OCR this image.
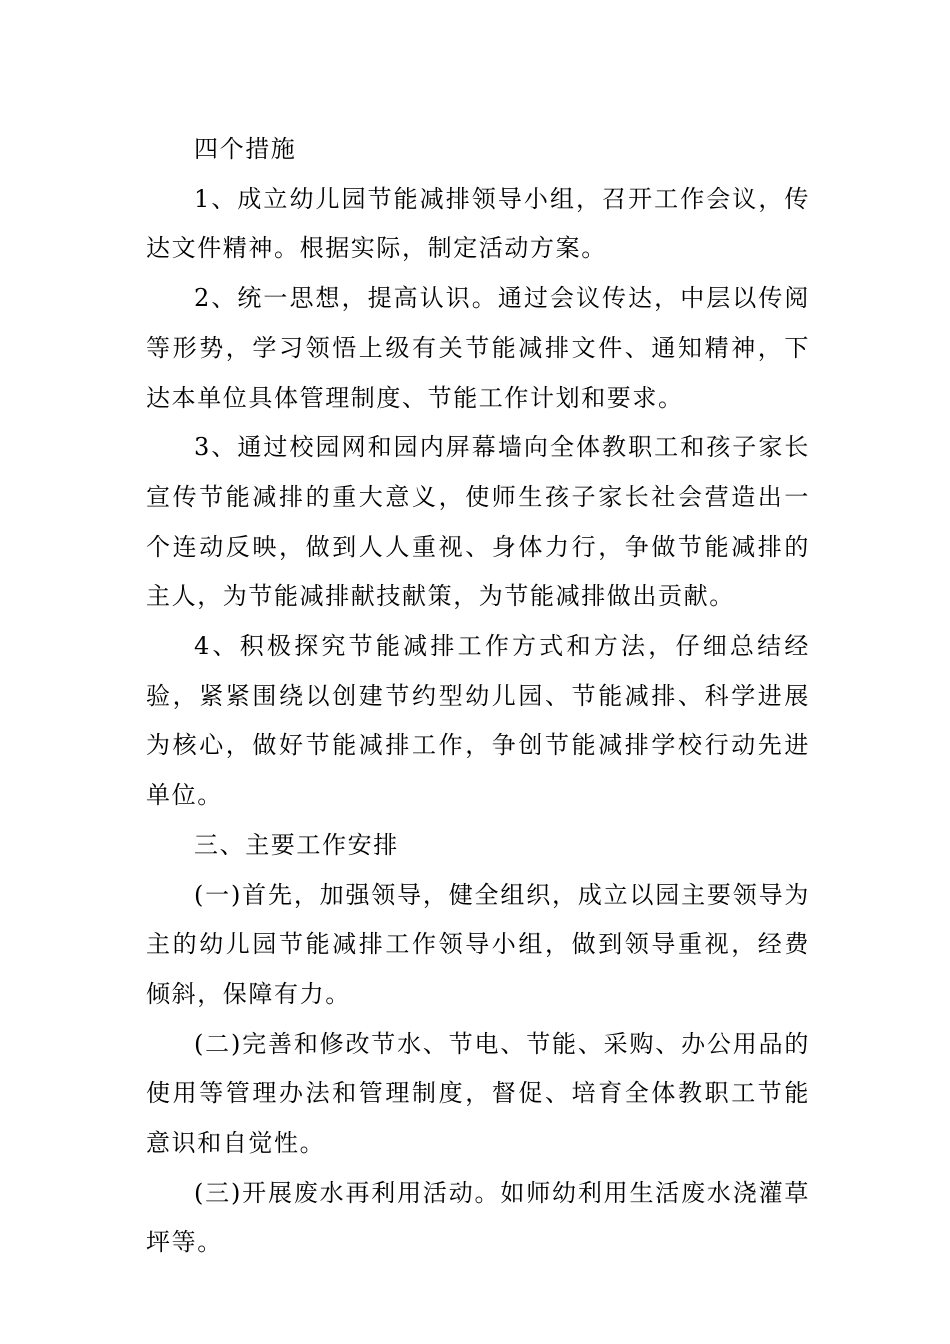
四个措施

1、成立幼儿园节能减排领导小组，召开工作会议，传达文件精神。根据实际，制定活动方案。

2、统一思想，提高认识。通过会议传达，中层以传阅等形势，学习领悟上级有关节能减排文件、通知精神，下达本单位具体管理制度、节能工作计划和要求。

3、通过校园网和园内屏幕墙向全体教职工和孩子家长宣传节能减排的重大意义，使师生孩子家长社会营造出一个连动反映，做到人人重视、身体力行，争做节能减排的主人，为节能减排献技献策，为节能减排做出贡献。

4、积极探究节能减排工作方式和方法，仔细总结经验，紧紧围绕以创建节约型幼儿园、节能减排、科学进展为核心，做好节能减排工作，争创节能减排学校行动先进单位。

三、主要工作安排

(一)首先，加强领导，健全组织，成立以园主要领导为主的幼儿园节能减排工作领导小组，做到领导重视，经费倾斜，保障有力。

(二)完善和修改节水、节电、节能、采购、办公用品的使用等管理办法和管理制度，督促、培育全体教职工节能意识和自觉性。

(三)开展废水再利用活动。如师幼利用生活废水浇灌草坪等。
